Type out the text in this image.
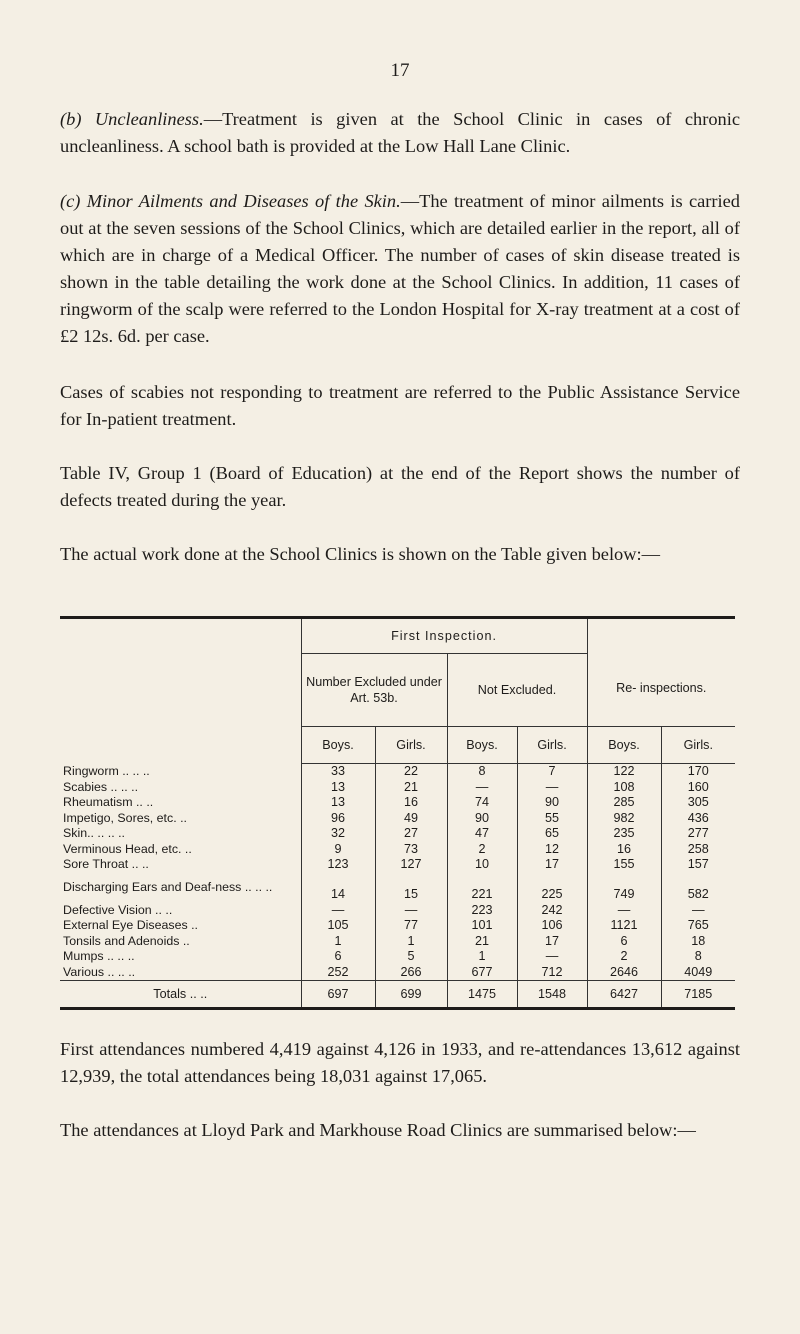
17

(b) Uncleanliness.—Treatment is given at the School Clinic in cases of chronic uncleanliness. A school bath is provided at the Low Hall Lane Clinic.

(c) Minor Ailments and Diseases of the Skin.—The treatment of minor ailments is carried out at the seven sessions of the School Clinics, which are detailed earlier in the report, all of which are in charge of a Medical Officer. The number of cases of skin disease treated is shown in the table detailing the work done at the School Clinics. In addition, 11 cases of ringworm of the scalp were referred to the London Hospital for X-ray treatment at a cost of £2 12s. 6d. per case.

Cases of scabies not responding to treatment are referred to the Public Assistance Service for In-patient treatment.

Table IV, Group 1 (Board of Education) at the end of the Report shows the number of defects treated during the year.

The actual work done at the School Clinics is shown on the Table given below:—

	First Inspection.				Re- inspections.	
	Number Excluded under Art. 53b.		Not Excluded.			
	Boys.	Girls.	Boys.	Girls.	Boys.	Girls.
Ringworm .. .. ..	33	22	8	7	122	170
Scabies .. .. ..	13	21	—	—	108	160
Rheumatism .. ..	13	16	74	90	285	305
Impetigo, Sores, etc. ..	96	49	90	55	982	436
Skin.. .. .. ..	32	27	47	65	235	277
Verminous Head, etc. ..	9	73	2	12	16	258
Sore Throat .. ..	123	127	10	17	155	157
Discharging Ears and Deaf-ness .. .. ..	14	15	221	225	749	582
Defective Vision .. ..	—	—	223	242	—	—
External Eye Diseases ..	105	77	101	106	1121	765
Tonsils and Adenoids ..	1	1	21	17	6	18
Mumps .. .. ..	6	5	1	—	2	8
Various .. .. ..	252	266	677	712	2646	4049
Totals .. ..	697	699	1475	1548	6427	7185

First attendances numbered 4,419 against 4,126 in 1933, and re-attendances 13,612 against 12,939, the total attendances being 18,031 against 17,065.

The attendances at Lloyd Park and Markhouse Road Clinics are summarised below:—
